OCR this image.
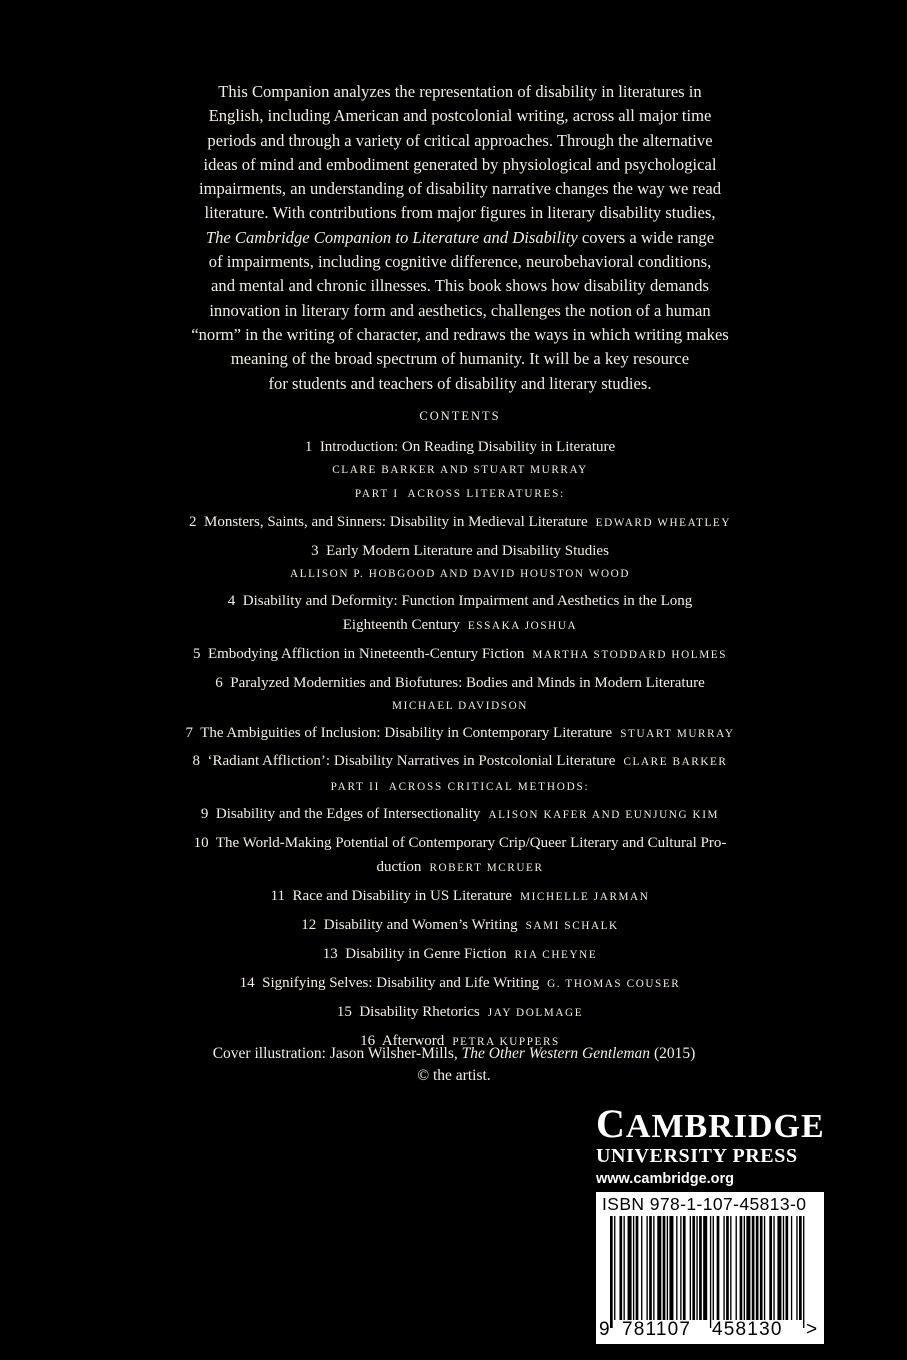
This Companion analyzes the representation of disability in literatures in
English, including American and postcolonial writing, across all major time
periods and through a variety of critical approaches. Through the alternative
ideas of mind and embodiment generated by physiological and psychological
impairments, an understanding of disability narrative changes the way we read
literature. With contributions from major figures in literary disability studies,
The Cambridge Companion to Literature and Disability covers a wide range
of impairments, including cognitive difference, neurobehavioral conditions,
and mental and chronic illnesses. This book shows how disability demands
innovation in literary form and aesthetics, challenges the notion of a human
“norm” in the writing of character, and redraws the ways in which writing makes
meaning of the broad spectrum of humanity. It will be a key resource
for students and teachers of disability and literary studies.
CONTENTS
1 Introduction: On Reading Disability in Literature
CLARE BARKER AND STUART MURRAY
PART I  ACROSS LITERATURES:
2 Monsters, Saints, and Sinners: Disability in Medieval Literature EDWARD WHEATLEY
3 Early Modern Literature and Disability Studies
ALLISON P. HOBGOOD AND DAVID HOUSTON WOOD
4 Disability and Deformity: Function Impairment and Aesthetics in the Long
Eighteenth Century ESSAKA JOSHUA
5 Embodying Affliction in Nineteenth-Century Fiction MARTHA STODDARD HOLMES
6 Paralyzed Modernities and Biofutures: Bodies and Minds in Modern Literature
MICHAEL DAVIDSON
7 The Ambiguities of Inclusion: Disability in Contemporary Literature STUART MURRAY
8 ‘Radiant Affliction’: Disability Narratives in Postcolonial Literature CLARE BARKER
PART II  ACROSS CRITICAL METHODS:
9 Disability and the Edges of Intersectionality ALISON KAFER AND EUNJUNG KIM
10 The World-Making Potential of Contemporary Crip/Queer Literary and Cultural Pro-
duction ROBERT MCRUER
11 Race and Disability in US Literature MICHELLE JARMAN
12 Disability and Women’s Writing SAMI SCHALK
13 Disability in Genre Fiction RIA CHEYNE
14 Signifying Selves: Disability and Life Writing G. THOMAS COUSER
15 Disability Rhetorics JAY DOLMAGE
16 Afterword PETRA KUPPERS
Cover illustration: Jason Wilsher-Mills, The Other Western Gentleman (2015)
© the artist.
CAMBRIDGE
UNIVERSITY PRESS
www.cambridge.org
ISBN 978-1-107-45813-0
9 781107 458130 >
